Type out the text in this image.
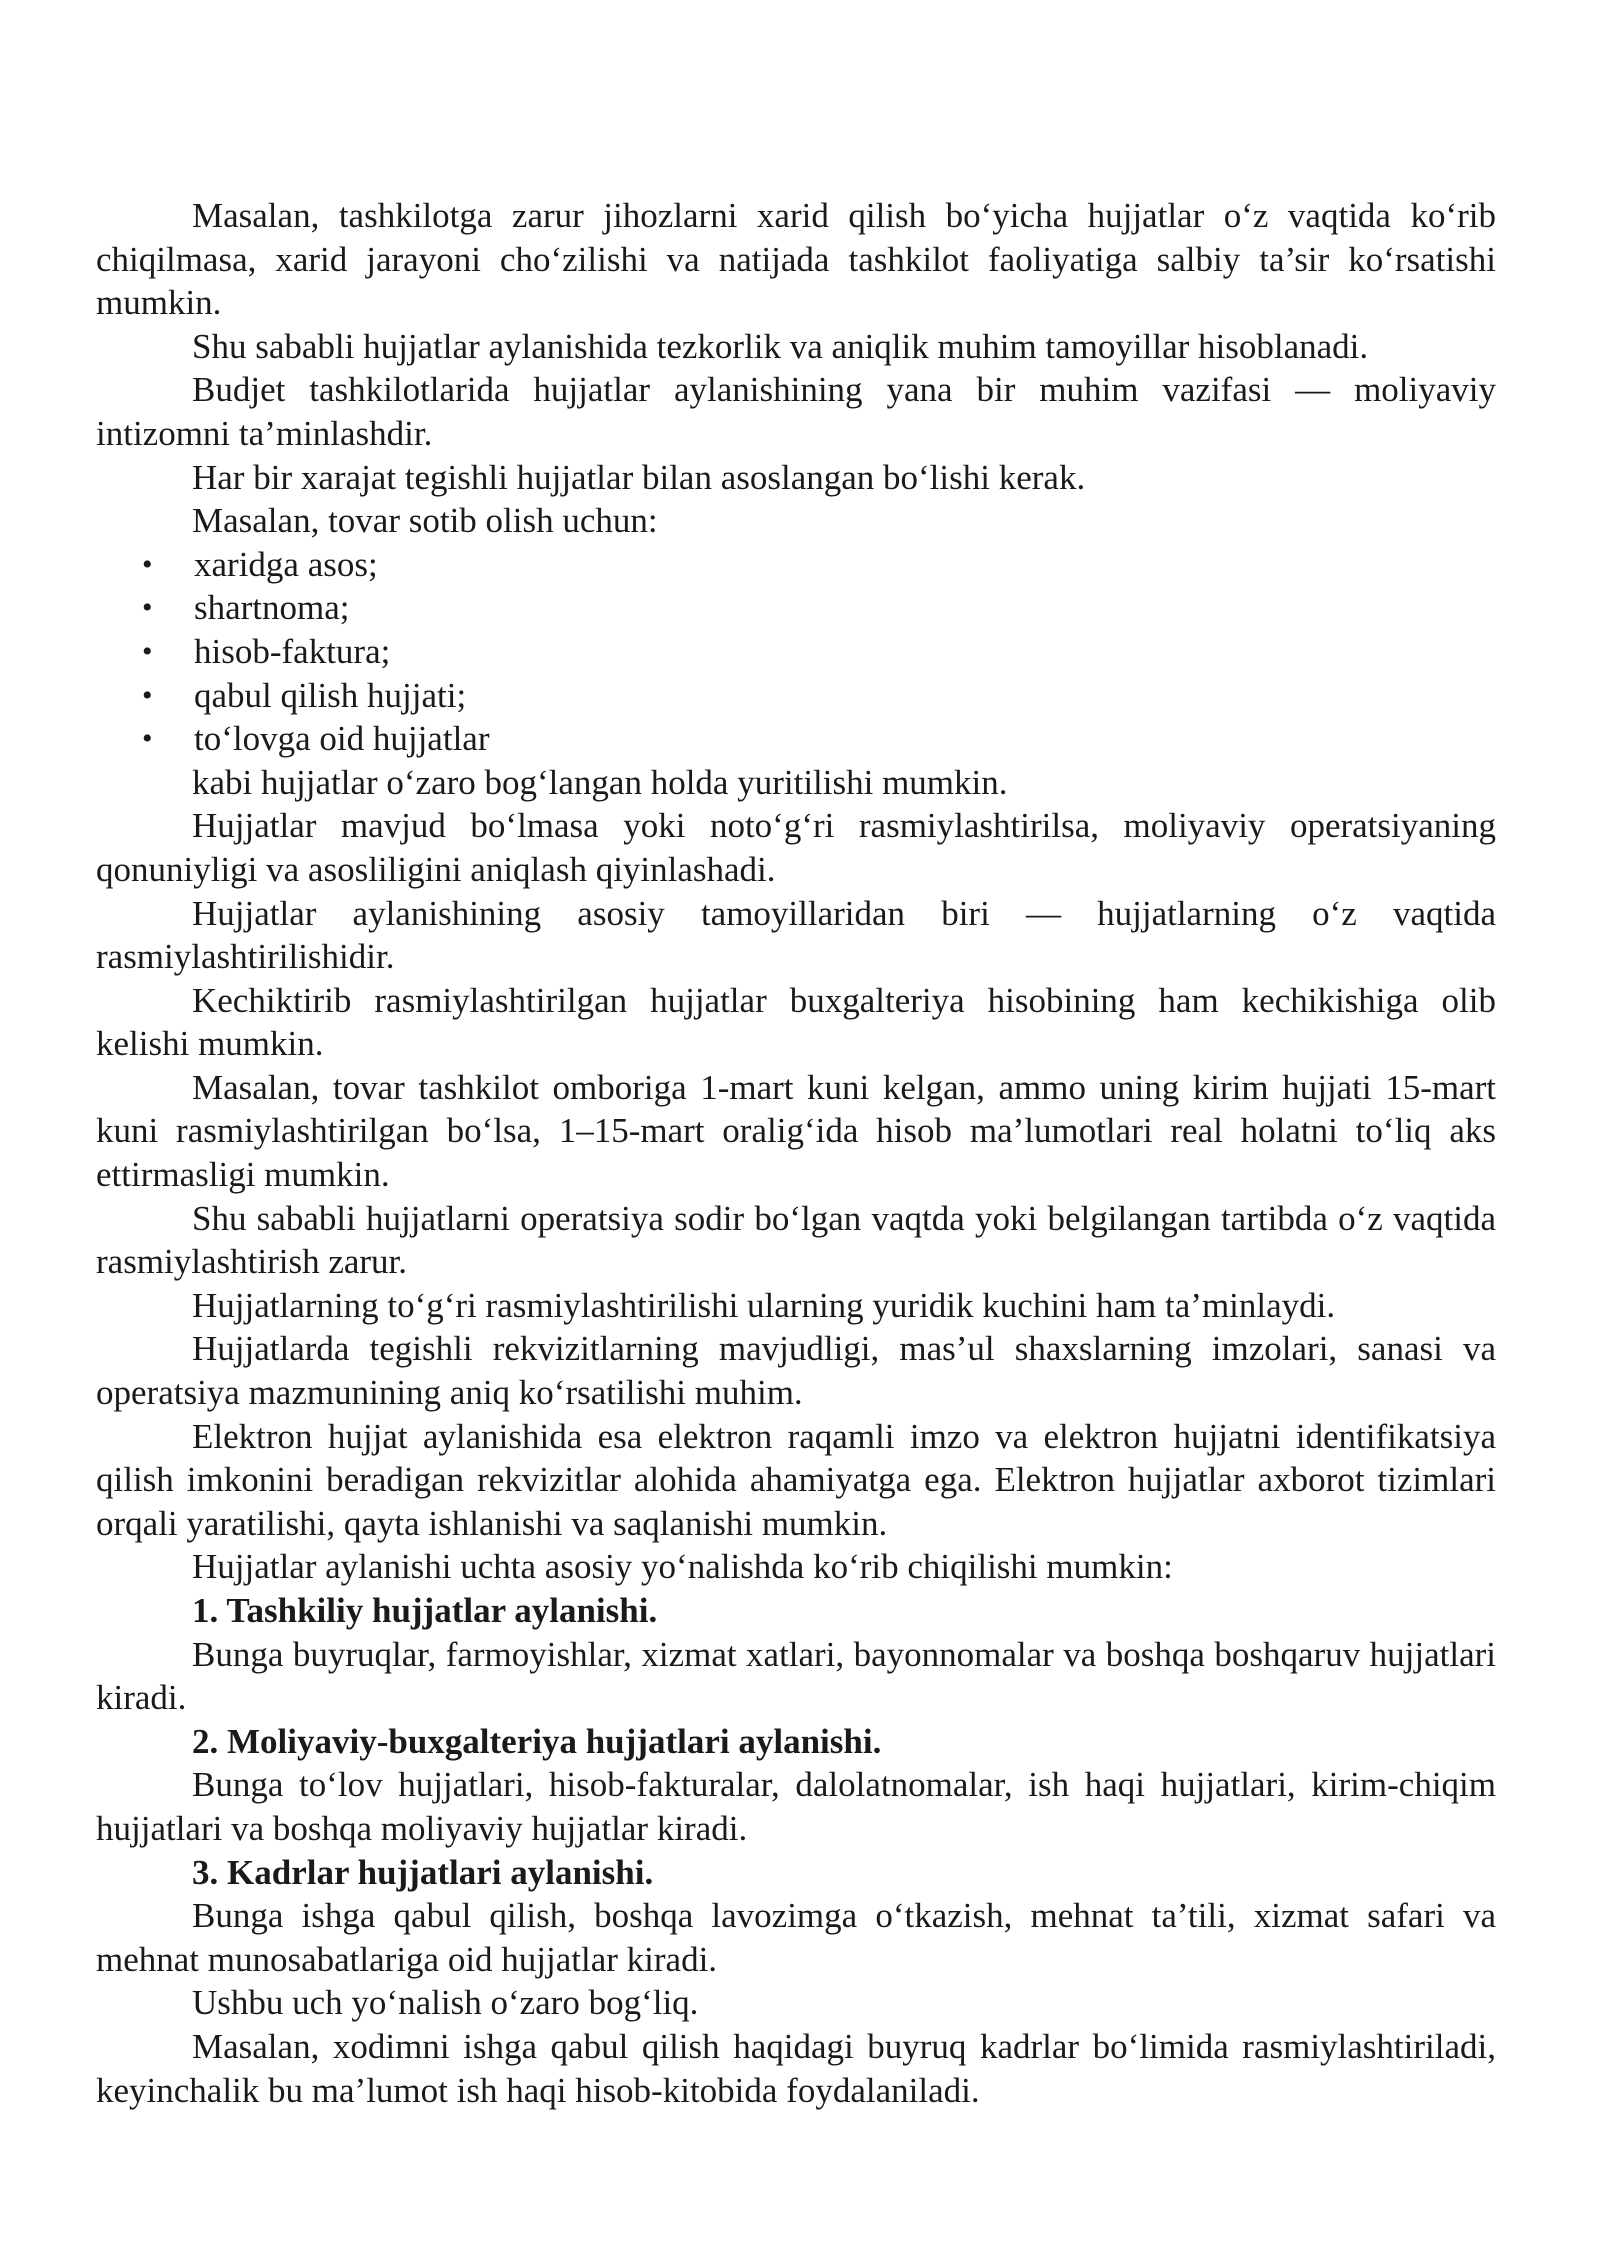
Masalan, tashkilotga zarur jihozlarni xarid qilish bo‘yicha hujjatlar o‘z vaqtida ko‘rib chiqilmasa, xarid jarayoni cho‘zilishi va natijada tashkilot faoliyatiga salbiy ta’sir ko‘rsatishi mumkin.

Shu sababli hujjatlar aylanishida tezkorlik va aniqlik muhim tamoyillar hisoblanadi.

Budjet tashkilotlarida hujjatlar aylanishining yana bir muhim vazifasi — moliyaviy intizomni ta’minlashdir.

Har bir xarajat tegishli hujjatlar bilan asoslangan bo‘lishi kerak.

Masalan, tovar sotib olish uchun:

• xaridga asos;
• shartnoma;
• hisob-faktura;
• qabul qilish hujjati;
• to‘lovga oid hujjatlar

kabi hujjatlar o‘zaro bog‘langan holda yuritilishi mumkin.

Hujjatlar mavjud bo‘lmasa yoki noto‘g‘ri rasmiylashtirilsa, moliyaviy operatsiyaning qonuniyligi va asosliligini aniqlash qiyinlashadi.

Hujjatlar aylanishining asosiy tamoyillaridan biri — hujjatlarning o‘z vaqtida rasmiylashtirilishidir.

Kechiktirib rasmiylashtirilgan hujjatlar buxgalteriya hisobining ham kechikishiga olib kelishi mumkin.

Masalan, tovar tashkilot omboriga 1-mart kuni kelgan, ammo uning kirim hujjati 15-mart kuni rasmiylashtirilgan bo‘lsa, 1–15-mart oralig‘ida hisob ma’lumotlari real holatni to‘liq aks ettirmasligi mumkin.

Shu sababli hujjatlarni operatsiya sodir bo‘lgan vaqtda yoki belgilangan tartibda o‘z vaqtida rasmiylashtirish zarur.

Hujjatlarning to‘g‘ri rasmiylashtirilishi ularning yuridik kuchini ham ta’minlaydi.

Hujjatlarda tegishli rekvizitlarning mavjudligi, mas’ul shaxslarning imzolari, sanasi va operatsiya mazmunining aniq ko‘rsatilishi muhim.

Elektron hujjat aylanishida esa elektron raqamli imzo va elektron hujjatni identifikatsiya qilish imkonini beradigan rekvizitlar alohida ahamiyatga ega. Elektron hujjatlar axborot tizimlari orqali yaratilishi, qayta ishlanishi va saqlanishi mumkin.

Hujjatlar aylanishi uchta asosiy yo‘nalishda ko‘rib chiqilishi mumkin:

1. Tashkiliy hujjatlar aylanishi.

Bunga buyruqlar, farmoyishlar, xizmat xatlari, bayonnomalar va boshqa boshqaruv hujjatlari kiradi.

2. Moliyaviy-buxgalteriya hujjatlari aylanishi.

Bunga to‘lov hujjatlari, hisob-fakturalar, dalolatnomalar, ish haqi hujjatlari, kirim-chiqim hujjatlari va boshqa moliyaviy hujjatlar kiradi.

3. Kadrlar hujjatlari aylanishi.

Bunga ishga qabul qilish, boshqa lavozimga o‘tkazish, mehnat ta’tili, xizmat safari va mehnat munosabatlariga oid hujjatlar kiradi.

Ushbu uch yo‘nalish o‘zaro bog‘liq.

Masalan, xodimni ishga qabul qilish haqidagi buyruq kadrlar bo‘limida rasmiylashtiriladi, keyinchalik bu ma’lumot ish haqi hisob-kitobida foydalaniladi.
